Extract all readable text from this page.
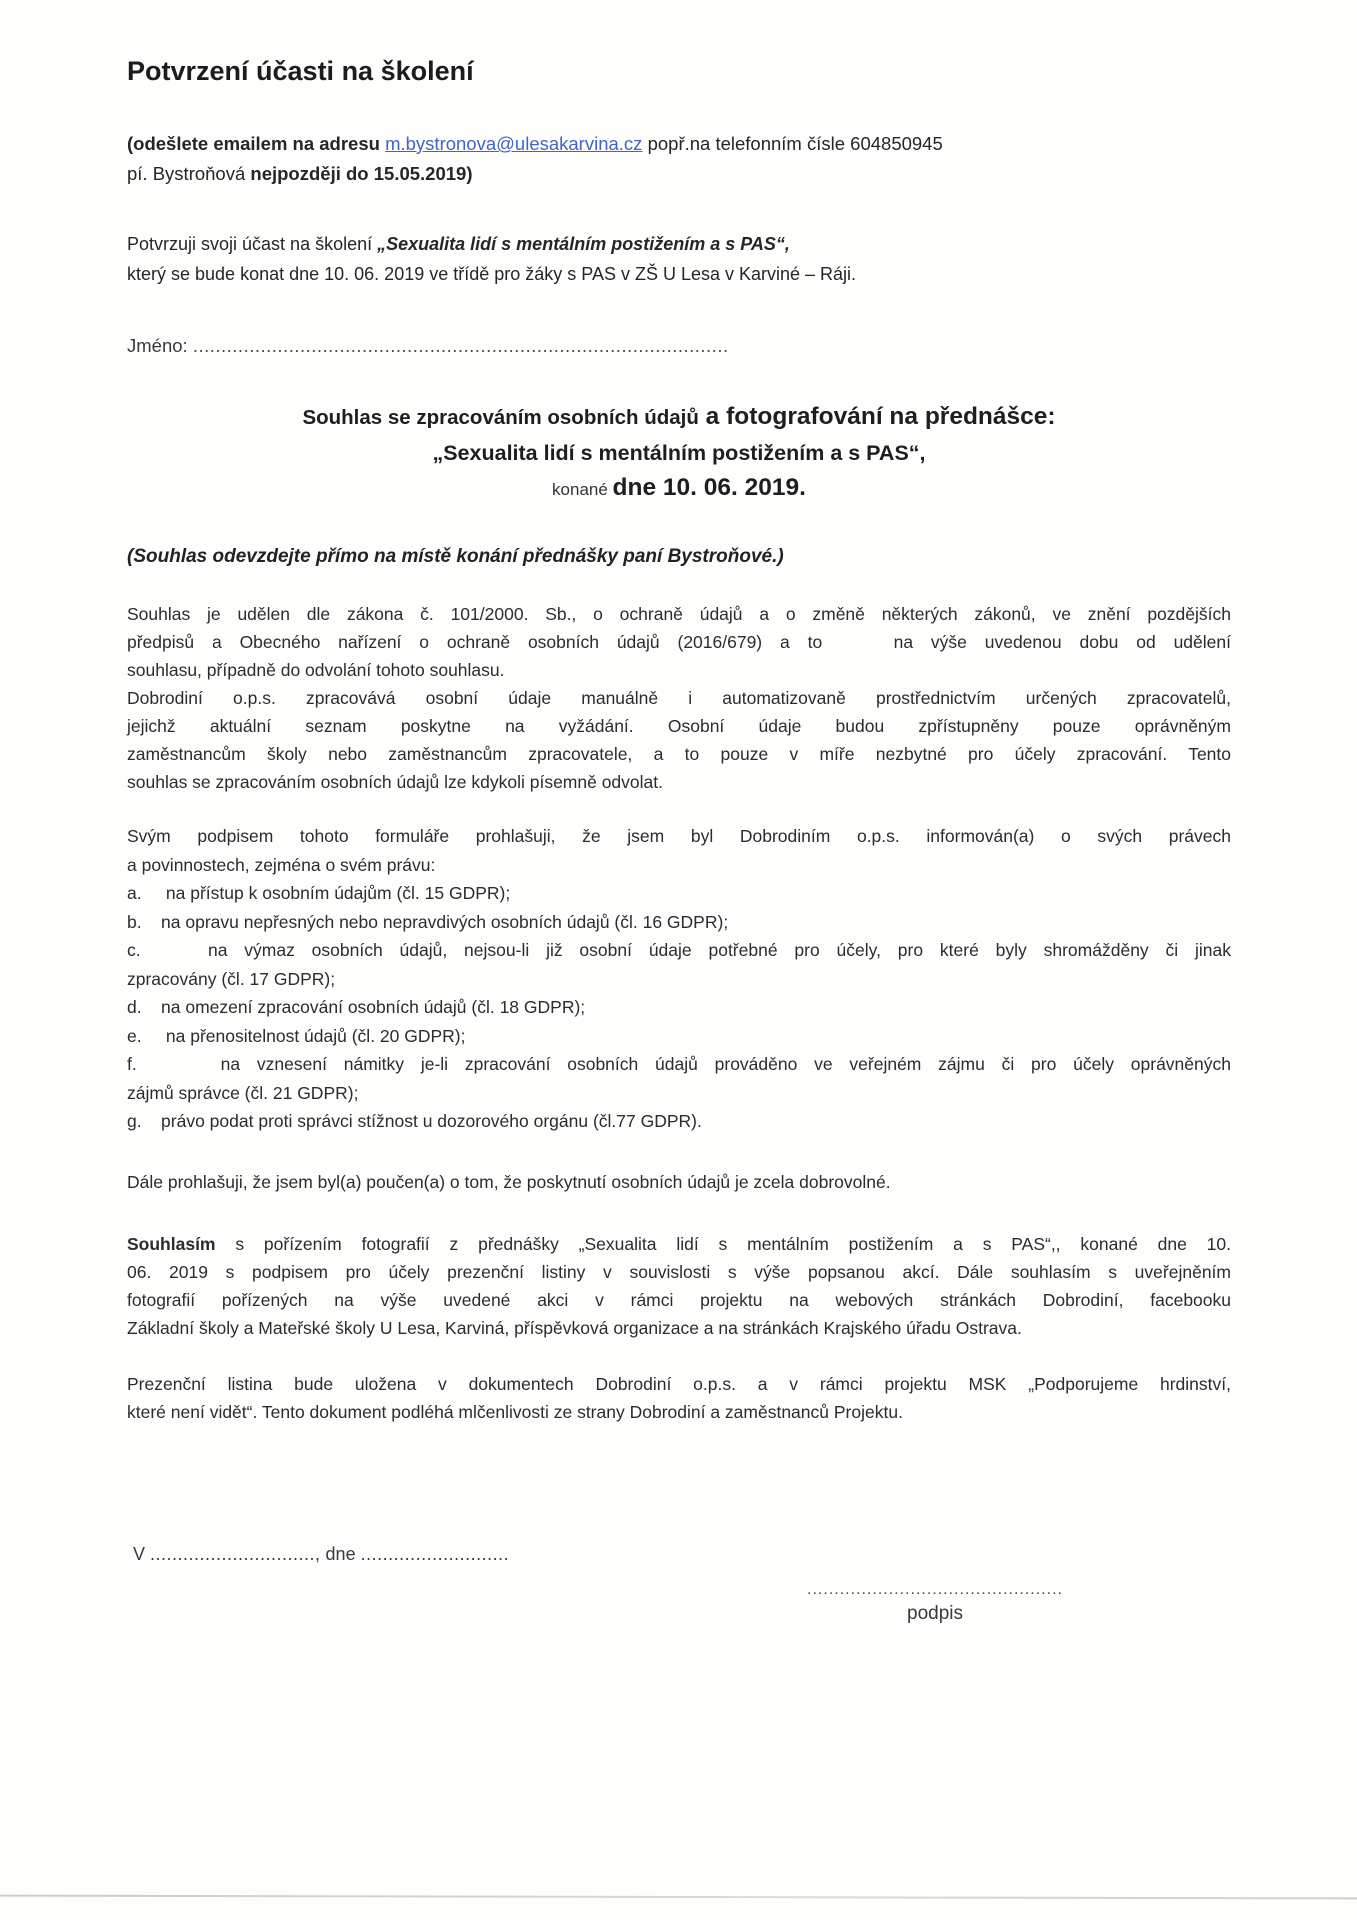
Potvrzení účasti na školení
(odešlete emailem na adresu m.bystronova@ulesakarvina.cz popř.na telefonním čísle 604850945
pí. Bystroňová nejpozději do 15.05.2019)
Potvrzuji svoji účast na školení „Sexualita lidí s mentálním postižením a s PAS“,
který se bude konat dne 10. 06. 2019 ve třídě pro žáky s PAS v ZŠ U Lesa v Karviné – Ráji.
Jméno: ...............................................................................................
Souhlas se zpracováním osobních údajů a fotografování na přednášce:
„Sexualita lidí s mentálním postižením a s PAS“,
konané dne 10. 06. 2019.
(Souhlas odevzdejte přímo na místě konání přednášky paní Bystroňové.)
Souhlas je udělen dle zákona č. 101/2000. Sb., o ochraně údajů a o změně některých zákonů, ve znění pozdějších
předpisů a Obecného nařízení o ochraně osobních údajů (2016/679) a to    na výše uvedenou dobu od udělení
souhlasu, případně do odvolání tohoto souhlasu.
Dobrodiní o.p.s. zpracovává osobní údaje manuálně i automatizovaně prostřednictvím určených zpracovatelů,
jejichž aktuální seznam poskytne na vyžádání. Osobní údaje budou zpřístupněny pouze oprávněným
zaměstnancům školy nebo zaměstnancům zpracovatele, a to pouze v míře nezbytné pro účely zpracování. Tento
souhlas se zpracováním osobních údajů lze kdykoli písemně odvolat.
Svým podpisem tohoto formuláře prohlašuji, že jsem byl Dobrodiním o.p.s. informován(a) o svých právech
a povinnostech, zejména o svém právu:
a.     na přístup k osobním údajům (čl. 15 GDPR);
b.    na opravu nepřesných nebo nepravdivých osobních údajů (čl. 16 GDPR);
c.    na výmaz osobních údajů, nejsou-li již osobní údaje potřebné pro účely, pro které byly shromážděny či jinak
zpracovány (čl. 17 GDPR);
d.    na omezení zpracování osobních údajů (čl. 18 GDPR);
e.     na přenositelnost údajů (čl. 20 GDPR);
f.     na vznesení námitky je-li zpracování osobních údajů prováděno ve veřejném zájmu či pro účely oprávněných
zájmů správce (čl. 21 GDPR);
g.    právo podat proti správci stížnost u dozorového orgánu (čl.77 GDPR).
Dále prohlašuji, že jsem byl(a) poučen(a) o tom, že poskytnutí osobních údajů je zcela dobrovolné.
Souhlasím s pořízením fotografií z přednášky „Sexualita lidí s mentálním postižením a s PAS“,, konané dne 10.
06. 2019 s podpisem pro účely prezenční listiny v souvislosti s výše popsanou akcí. Dále souhlasím s uveřejněním
fotografií pořízených na výše uvedené akci v rámci projektu na webových stránkách Dobrodiní, facebooku
Základní školy a Mateřské školy U Lesa, Karviná, příspěvková organizace a na stránkách Krajského úřadu Ostrava.
Prezenční listina bude uložena v dokumentech Dobrodiní o.p.s. a v rámci projektu MSK „Podporujeme hrdinství,
které není vidět“. Tento dokument podléhá mlčenlivosti ze strany Dobrodiní a zaměstnanců Projektu.
V .............................., dne ...........................
...............................................
podpis
